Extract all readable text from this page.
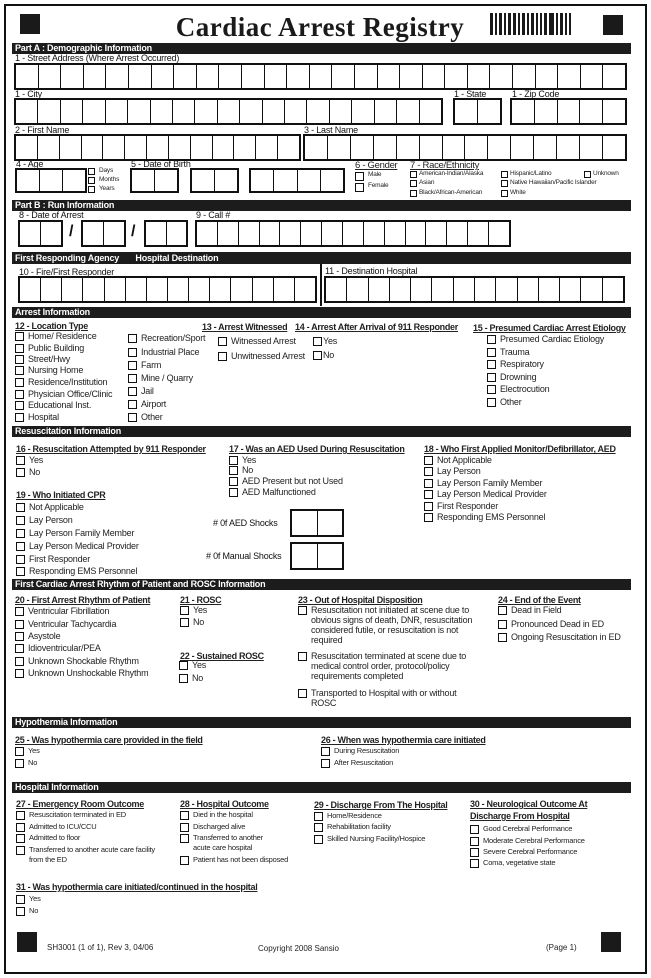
Cardiac Arrest Registry
Part A : Demographic Information
1 - Street Address (Where Arrest Occurred)
1 - City	1 - State	1 - Zip Code
2 - First Name	3 - Last Name
4 - Age
Days
Months
Years
5 - Date of Birth	6 - Gender
Male
Female
7 - Race/Ethnicity
American-Indian/Alaska
Asian
Black/African-American
Hispanic/Latino
Native Hawaiian/Pacific Islander
White
Unknown
Part B : Run Information
8 - Date of Arrest
/	/
9 - Call #
First Responding Agency Hospital Destination
10 - Fire/First Responder	11 - Destination Hospital
Arrest Information
12 - Location Type
Home/ Residence
Public Building
Street/Hwy
Nursing Home
Residence/Institution
Physician Office/Clinic
Educational Inst.
Hospital
Recreation/Sport
Industrial Place
Farm
Mine / Quarry
Jail
Airport
Other
13 - Arrest Witnessed
Witnessed Arrest
Unwitnessed Arrest
14 - Arrest After Arrival of 911 Responder
Yes
No
15 - Presumed Cardiac Arrest Etiology
Presumed Cardiac Etiology
Trauma
Respiratory
Drowning
Electrocution
Other
Resuscitation Information
16 - Resuscitation Attempted by 911 Responder
Yes
No
17 - Was an AED Used During Resuscitation
Yes
No
AED Present but not Used
AED Malfunctioned
18 - Who First Applied Monitor/Defibrillator, AED
Not Applicable
Lay Person
Lay Person Family Member
Lay Person Medical Provider
First Responder
Responding EMS Personnel
19 - Who Initiated CPR
Not Applicable
Lay Person
Lay Person Family Member
Lay Person Medical Provider
First Responder
Responding EMS Personnel
# 0f AED Shocks
# 0f Manual Shocks
First Cardiac Arrest Rhythm of Patient and ROSC Information
20 - First Arrest Rhythm of Patient
Ventricular Fibrillation
Ventricular Tachycardia
Asystole
Idioventricular/PEA
Unknown Shockable Rhythm
Unknown Unshockable Rhythm
21 - ROSC
Yes
No
22 - Sustained ROSC
Yes
No
23 - Out of Hospital Disposition
Resuscitation not initiated at scene due to obvious signs of death, DNR, resuscitation considered futile, or resuscitation is not required
Resuscitation terminated at scene due to medical control order, protocol/policy requirements completed
Transported to Hospital with or without ROSC
24 - End of the Event
Dead in Field
Pronounced Dead in ED
Ongoing Resuscitation in ED
Hypothermia Information
25 - Was hypothermia care provided in the field
Yes
No
26 - When was hypothermia care initiated
During Resuscitation
After Resuscitation
Hospital Information
27 - Emergency Room Outcome
Resuscitation terminated in ED
Admitted to ICU/CCU
Admitted to floor
Transferred to another acute care facility from the ED
28 - Hospital Outcome
Died in the hospital
Discharged alive
Transferred to another acute care hospital
Patient has not been disposed
29 - Discharge From The Hospital
Home/Residence
Rehabilitation facility
Skilled Nursing Facility/Hospice
30 - Neurological Outcome At
Discharge From Hospital
Good Cerebral Performance
Moderate Cerebral Performance
Severe Cerebral Performance
Coma, vegetative state
31 - Was hypothermia care initiated/continued in the hospital
Yes
No
SH3001 (1 of 1), Rev 3, 04/06	Copyright 2008 Sansio	(Page 1)
